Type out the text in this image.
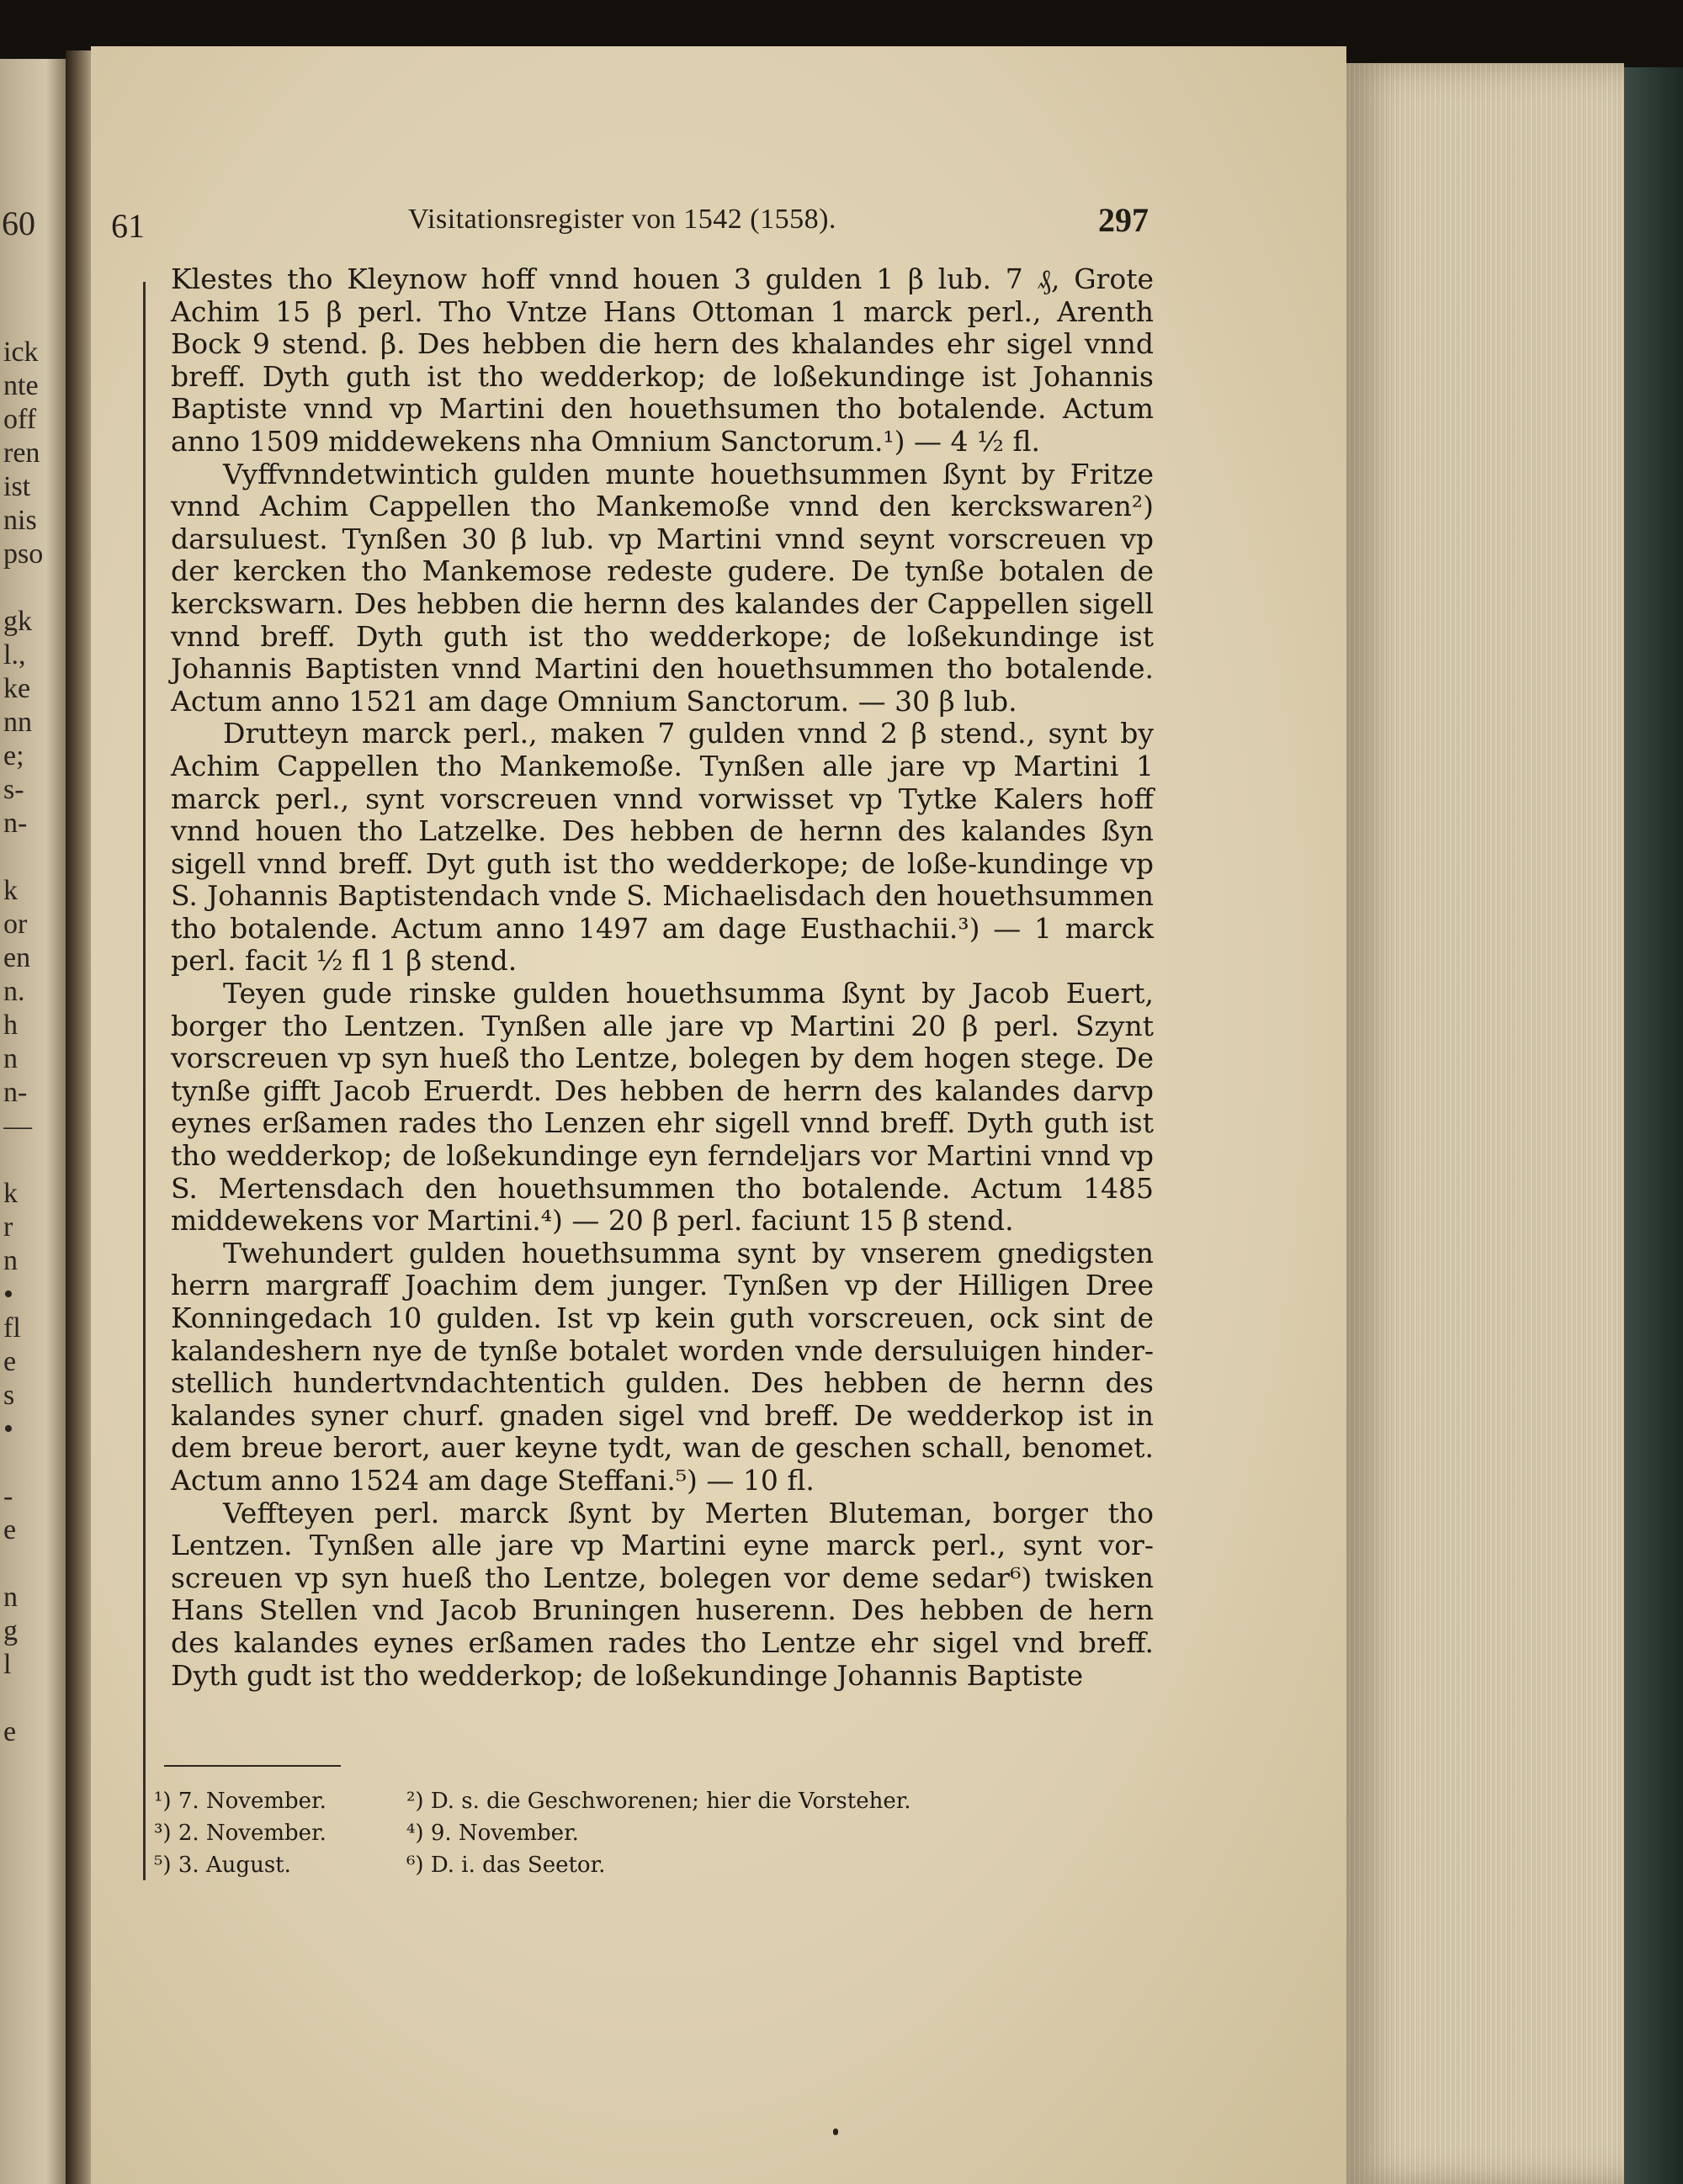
60
ick
nte
off
ren
ist
nis
pso
gk
l.,
ke
nn
e;
s-
n-
k
or
en
n.
h
n
n-
—
k
r
n
•
fl
e
s
•
-
e
n
g
l
e
61	Visitationsregister von 1542 (1558).	297

Klestes tho Kleynow hoff vnnd houen 3 gulden 1 β lub. 7 ₰, Grote Achim 15 β perl. Tho Vntze Hans Ottoman 1 marck perl., Arenth Bock 9 stend. β. Des hebben die hern des khalandes ehr sigel vnnd breff. Dyth guth ist tho wedderkop; de loßekundinge ist Johannis Baptiste vnnd vp Martini den houethsumen tho botalende. Actum anno 1509 middewekens nha Omnium Sanctorum.¹) — 4 ½ fl.

Vyffvnndetwintich gulden munte houethsummen ßynt by Fritze vnnd Achim Cappellen tho Mankemoße vnnd den kerckswaren²) darsuluest. Tynßen 30 β lub. vp Martini vnnd seynt vorscreuen vp der kercken tho Mankemose redeste gudere. De tynße botalen de kerckswarn. Des hebben die hernn des kalandes der Cappellen sigell vnnd breff. Dyth guth ist tho wedderkope; de loßekundinge ist Johannis Baptisten vnnd Martini den houethsummen tho botalende. Actum anno 1521 am dage Omnium Sanctorum. — 30 β lub.

Drutteyn marck perl., maken 7 gulden vnnd 2 β stend., synt by Achim Cappellen tho Mankemoße. Tynßen alle jare vp Martini 1 marck perl., synt vorscreuen vnnd vorwisset vp Tytke Kalers hoff vnnd houen tho Latzelke. Des hebben de hernn des kalandes ßyn sigell vnnd breff. Dyt guth ist tho wedderkope; de loße-kundinge vp S. Johannis Baptistendach vnde S. Michaelisdach den houethsummen tho botalende. Actum anno 1497 am dage Eusthachii.³) — 1 marck perl. facit ½ fl 1 β stend.

Teyen gude rinske gulden houethsumma ßynt by Jacob Euert, borger tho Lentzen. Tynßen alle jare vp Martini 20 β perl. Szynt vorscreuen vp syn hueß tho Lentze, bolegen by dem hogen stege. De tynße gifft Jacob Eruerdt. Des hebben de herrn des kalandes darvp eynes erßamen rades tho Lenzen ehr sigell vnnd breff. Dyth guth ist tho wedderkop; de loßekundinge eyn ferndeljars vor Martini vnnd vp S. Mertensdach den houethsummen tho botalende. Actum 1485 middewekens vor Martini.⁴) — 20 β perl. faciunt 15 β stend.

Twehundert gulden houethsumma synt by vnserem gnedigsten herrn margraff Joachim dem junger. Tynßen vp der Hilligen Dree Konningedach 10 gulden. Ist vp kein guth vorscreuen, ock sint de kalandeshern nye de tynße botalet worden vnde dersuluigen hinder-stellich hundertvndachtentich gulden. Des hebben de hernn des kalandes syner churf. gnaden sigel vnd breff. De wedderkop ist in dem breue berort, auer keyne tydt, wan de geschen schall, benomet. Actum anno 1524 am dage Steffani.⁵) — 10 fl.

Veffteyen perl. marck ßynt by Merten Bluteman, borger tho Lentzen. Tynßen alle jare vp Martini eyne marck perl., synt vor-screuen vp syn hueß tho Lentze, bolegen vor deme sedar⁶) twisken Hans Stellen vnd Jacob Bruningen huserenn. Des hebben de hern des kalandes eynes erßamen rades tho Lentze ehr sigel vnd breff. Dyth gudt ist tho wedderkop; de loßekundinge Johannis Baptiste

¹) 7. November.	²) D. s. die Geschworenen; hier die Vorsteher.
³) 2. November.	⁴) 9. November.
⁵) 3. August.	⁶) D. i. das Seetor.
